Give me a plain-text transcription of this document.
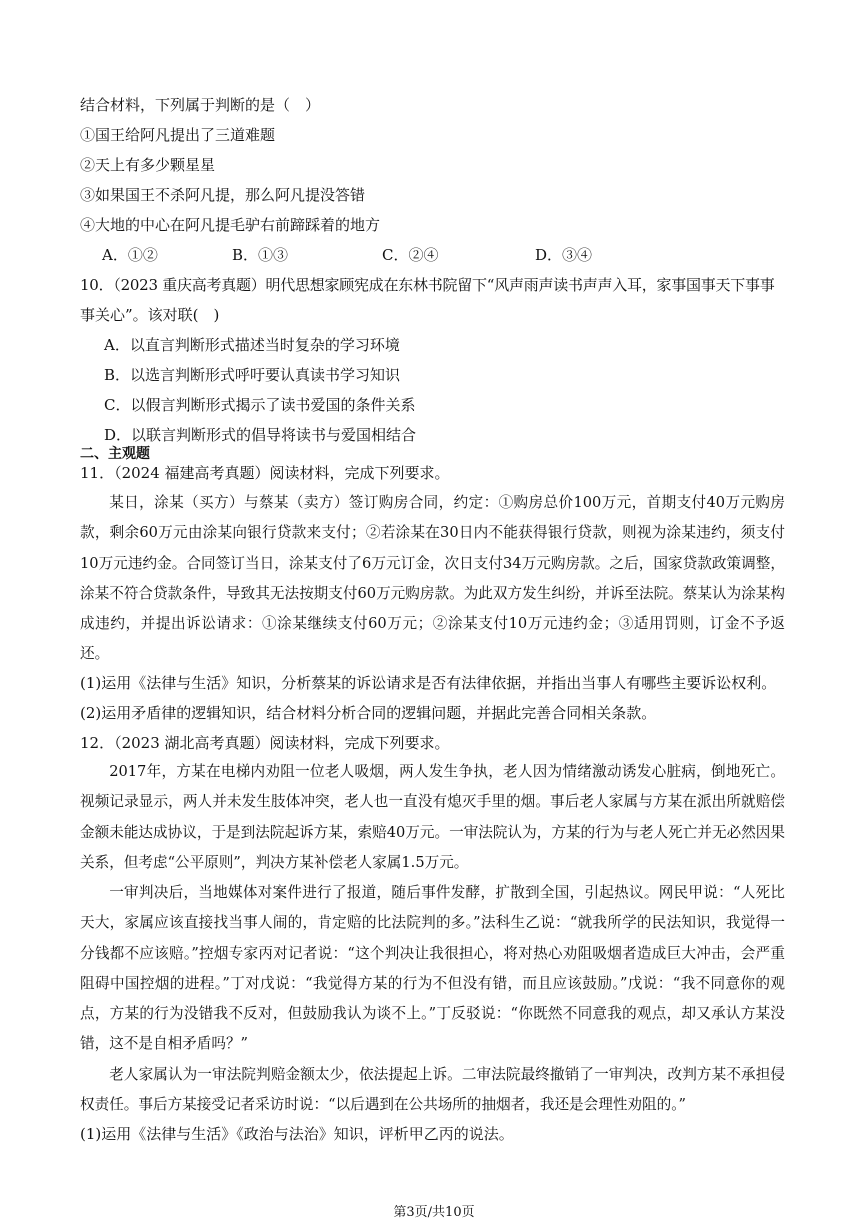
结合材料，下列属于判断的是（　）
①国王给阿凡提出了三道难题
②天上有多少颗星星
③如果国王不杀阿凡提，那么阿凡提没答错
④大地的中心在阿凡提毛驴右前蹄踩着的地方
A．①②	B．①③	C．②④	D．③④
10．（2023 重庆高考真题）明代思想家顾宪成在东林书院留下“风声雨声读书声声入耳，家事国事天下事事
事关心”。该对联(　)
A．以直言判断形式描述当时复杂的学习环境
B．以选言判断形式呼吁要认真读书学习知识
C．以假言判断形式揭示了读书爱国的条件关系
D．以联言判断形式的倡导将读书与爱国相结合
二、主观题
11．（2024 福建高考真题）阅读材料，完成下列要求。

某日，涂某（买方）与蔡某（卖方）签订购房合同，约定：①购房总价100万元，首期支付40万元购房款，剩余60万元由涂某向银行贷款来支付；②若涂某在30日内不能获得银行贷款，则视为涂某违约，须支付10万元违约金。合同签订当日，涂某支付了6万元订金，次日支付34万元购房款。之后，国家贷款政策调整，涂某不符合贷款条件，导致其无法按期支付60万元购房款。为此双方发生纠纷，并诉至法院。蔡某认为涂某构成违约，并提出诉讼请求：①涂某继续支付60万元；②涂某支付10万元违约金；③适用罚则，订金不予返还。

(1)运用《法律与生活》知识，分析蔡某的诉讼请求是否有法律依据，并指出当事人有哪些主要诉讼权利。
(2)运用矛盾律的逻辑知识，结合材料分析合同的逻辑问题，并据此完善合同相关条款。
12．（2023 湖北高考真题）阅读材料，完成下列要求。

2017年，方某在电梯内劝阻一位老人吸烟，两人发生争执，老人因为情绪激动诱发心脏病，倒地死亡。视频记录显示，两人并未发生肢体冲突，老人也一直没有熄灭手里的烟。事后老人家属与方某在派出所就赔偿金额未能达成协议，于是到法院起诉方某，索赔40万元。一审法院认为，方某的行为与老人死亡并无必然因果关系，但考虑“公平原则”，判决方某补偿老人家属1.5万元。

一审判决后，当地媒体对案件进行了报道，随后事件发酵，扩散到全国，引起热议。网民甲说：“人死比天大，家属应该直接找当事人闹的，肯定赔的比法院判的多。”法科生乙说：“就我所学的民法知识，我觉得一分钱都不应该赔。”控烟专家丙对记者说：“这个判决让我很担心，将对热心劝阻吸烟者造成巨大冲击，会严重阻碍中国控烟的进程。”丁对戊说：“我觉得方某的行为不但没有错，而且应该鼓励。”戊说：“我不同意你的观点，方某的行为没错我不反对，但鼓励我认为谈不上。”丁反驳说：“你既然不同意我的观点，却又承认方某没错，这不是自相矛盾吗？”

老人家属认为一审法院判赔金额太少，依法提起上诉。二审法院最终撤销了一审判决，改判方某不承担侵权责任。事后方某接受记者采访时说：“以后遇到在公共场所的抽烟者，我还是会理性劝阻的。”

(1)运用《法律与生活》《政治与法治》知识，评析甲乙丙的说法。
第3页/共10页
